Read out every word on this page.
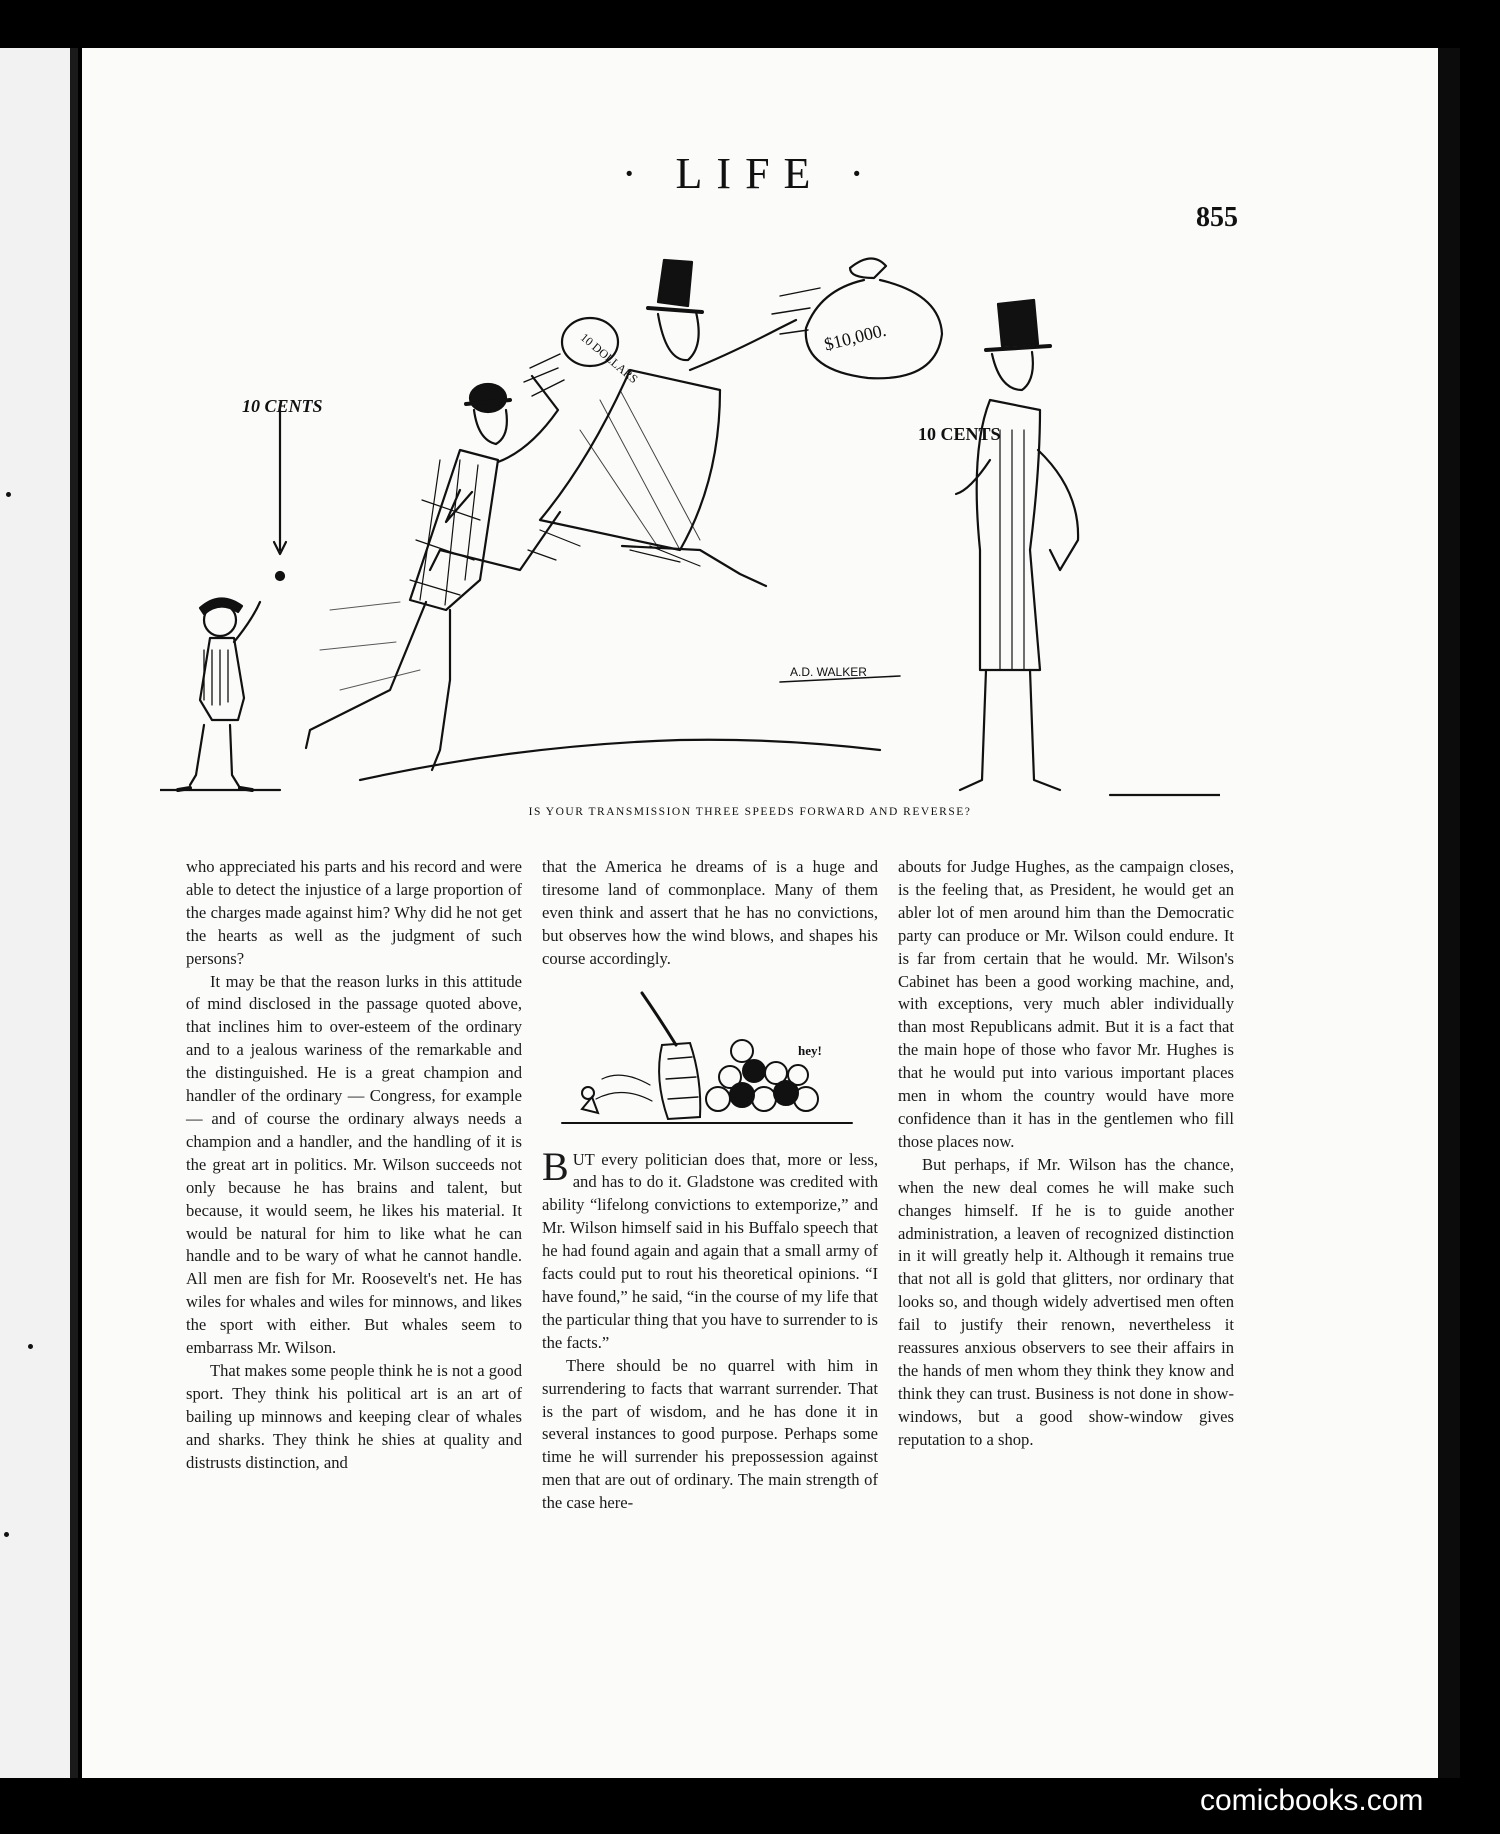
· LIFE ·
855
10 DOLLARS	$10,000.
10 CENTS
10 CENTS
A.D. WALKER
IS YOUR TRANSMISSION THREE SPEEDS FORWARD AND REVERSE?

who appreciated his parts and his record and were able to detect the injustice of a large proportion of the charges made against him? Why did he not get the hearts as well as the judgment of such persons?

It may be that the reason lurks in this attitude of mind disclosed in the passage quoted above, that inclines him to over-esteem of the ordinary and to a jealous wariness of the remarkable and the distinguished. He is a great champion and handler of the ordinary — Congress, for example — and of course the ordinary always needs a champion and a handler, and the handling of it is the great art in politics. Mr. Wilson succeeds not only because he has brains and talent, but because, it would seem, he likes his material. It would be natural for him to like what he can handle and to be wary of what he cannot handle. All men are fish for Mr. Roosevelt's net. He has wiles for whales and wiles for minnows, and likes the sport with either. But whales seem to embarrass Mr. Wilson.

That makes some people think he is not a good sport. They think his political art is an art of bailing up minnows and keeping clear of whales and sharks. They think he shies at quality and distrusts distinction, and

that the America he dreams of is a huge and tiresome land of commonplace. Many of them even think and assert that he has no convictions, but observes how the wind blows, and shapes his course accordingly.

hey!

BUT every politician does that, more or less, and has to do it. Gladstone was credited with ability “lifelong convictions to extemporize,” and Mr. Wilson himself said in his Buffalo speech that he had found again and again that a small army of facts could put to rout his theoretical opinions. “I have found,” he said, “in the course of my life that the particular thing that you have to surrender to is the facts.”

There should be no quarrel with him in surrendering to facts that warrant surrender. That is the part of wisdom, and he has done it in several instances to good purpose. Perhaps some time he will surrender his prepossession against men that are out of ordinary. The main strength of the case here-

abouts for Judge Hughes, as the campaign closes, is the feeling that, as President, he would get an abler lot of men around him than the Democratic party can produce or Mr. Wilson could endure. It is far from certain that he would. Mr. Wilson's Cabinet has been a good working machine, and, with exceptions, very much abler individually than most Republicans admit. But it is a fact that the main hope of those who favor Mr. Hughes is that he would put into various important places men in whom the country would have more confidence than it has in the gentlemen who fill those places now.

But perhaps, if Mr. Wilson has the chance, when the new deal comes he will make such changes himself. If he is to guide another administration, a leaven of recognized distinction in it will greatly help it. Although it remains true that not all is gold that glitters, nor ordinary that looks so, and though widely advertised men often fail to justify their renown, nevertheless it reassures anxious observers to see their affairs in the hands of men whom they think they know and think they can trust. Business is not done in show-windows, but a good show-window gives reputation to a shop.

comicbooks.com
